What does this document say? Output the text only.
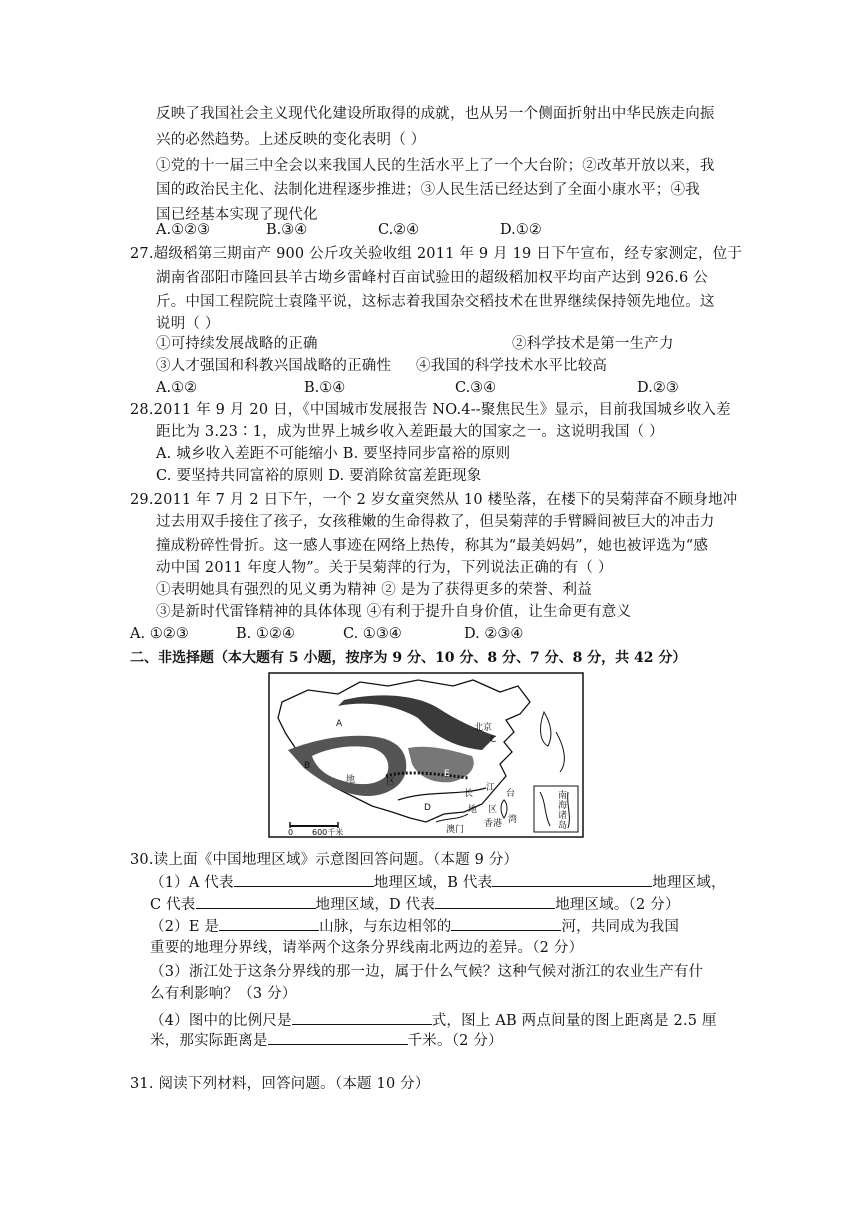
反映了我国社会主义现代化建设所取得的成就，也从另一个侧面折射出中华民族走向振
兴的必然趋势。上述反映的变化表明（ ）
①党的十一届三中全会以来我国人民的生活水平上了一个大台阶；②改革开放以来，我
国的政治民主化、法制化进程逐步推进；③人民生活已经达到了全面小康水平；④我
国已经基本实现了现代化
A.①②③	B.③④	C.②④	D.①②
27.超级稻第三期亩产 900 公斤攻关验收组 2011 年 9 月 19 日下午宣布，经专家测定，位于
湖南省邵阳市隆回县羊古坳乡雷峰村百亩试验田的超级稻加权平均亩产达到 926.6 公
斤。中国工程院院士袁隆平说，这标志着我国杂交稻技术在世界继续保持领先地位。这
说明（ ）
①可持续发展战略的正确	②科学技术是第一生产力
③人才强国和科教兴国战略的正确性 ④我国的科学技术水平比较高
A.①②	B.①④	C.③④	D.②③
28.2011 年 9 月 20 日，《中国城市发展报告 NO.4--聚焦民生》显示，目前我国城乡收入差
距比为 3.23∶1，成为世界上城乡收入差距最大的国家之一。这说明我国（ ）
A. 城乡收入差距不可能缩小 B. 要坚持同步富裕的原则
C. 要坚持共同富裕的原则 D. 要消除贫富差距现象
29.2011 年 7 月 2 日下午，一个 2 岁女童突然从 10 楼坠落，在楼下的吴菊萍奋不顾身地冲
过去用双手接住了孩子，女孩稚嫩的生命得救了，但吴菊萍的手臂瞬间被巨大的冲击力
撞成粉碎性骨折。这一感人事迹在网络上热传，称其为“最美妈妈”，她也被评选为“感
动中国 2011 年度人物”。关于吴菊萍的行为，下列说法正确的有（ ）
①表明她具有强烈的见义勇为精神 ② 是为了获得更多的荣誉、利益
③是新时代雷锋精神的具体体现 ④有利于提升自身价值，让生命更有意义
A. ①②③	B. ①②④	C. ①③④	D. ②③④
二、非选择题（本大题有 5 小题，按序为 9 分、10 分、8 分、7 分、8 分，共 42 分）
A
B
C
D
E
地	区
长
江
地 区
北京
台
湾
香港
澳门
南
海
诸
岛
0 600千米
30.读上面《中国地理区域》示意图回答问题。（本题 9 分）
（1）A 代表	地理区域，B 代表	地理区域，
C 代表	地理区域，D 代表	地理区域。（2 分）
（2）E 是	山脉，与东边相邻的	河，共同成为我国
重要的地理分界线，请举两个这条分界线南北两边的差异。（2 分）
（3）浙江处于这条分界线的那一边，属于什么气候？这种气候对浙江的农业生产有什
么有利影响？（3 分）
（4）图中的比例尺是	式，图上 AB 两点间量的图上距离是 2.5 厘
米，那实际距离是	千米。（2 分）
31. 阅读下列材料，回答问题。（本题 10 分）
